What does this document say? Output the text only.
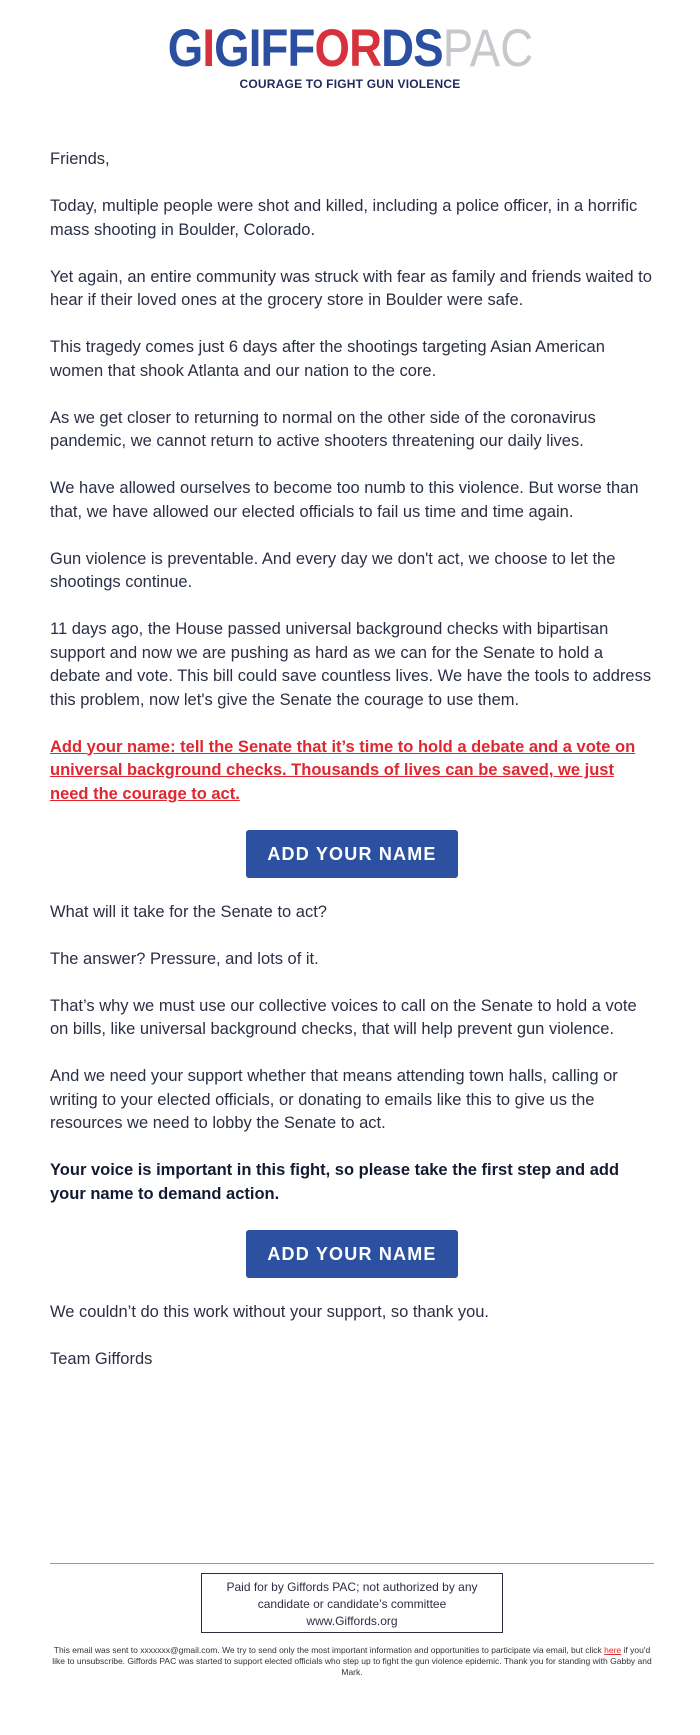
GIGIFFORDSPAC
COURAGE TO FIGHT GUN VIOLENCE

Friends,

Today, multiple people were shot and killed, including a police officer, in a horrific mass shooting in Boulder, Colorado.

Yet again, an entire community was struck with fear as family and friends waited to hear if their loved ones at the grocery store in Boulder were safe.

This tragedy comes just 6 days after the shootings targeting Asian American women that shook Atlanta and our nation to the core.

As we get closer to returning to normal on the other side of the coronavirus pandemic, we cannot return to active shooters threatening our daily lives.

We have allowed ourselves to become too numb to this violence. But worse than that, we have allowed our elected officials to fail us time and time again.

Gun violence is preventable. And every day we don't act, we choose to let the shootings continue.

11 days ago, the House passed universal background checks with bipartisan support and now we are pushing as hard as we can for the Senate to hold a debate and vote. This bill could save countless lives. We have the tools to address this problem, now let's give the Senate the courage to use them.

Add your name: tell the Senate that it’s time to hold a debate and a vote on universal background checks. Thousands of lives can be saved, we just need the courage to act.
ADD YOUR NAME

What will it take for the Senate to act?

The answer? Pressure, and lots of it.

That’s why we must use our collective voices to call on the Senate to hold a vote on bills, like universal background checks, that will help prevent gun violence.

And we need your support whether that means attending town halls, calling or writing to your elected officials, or donating to emails like this to give us the resources we need to lobby the Senate to act.

Your voice is important in this fight, so please take the first step and add your name to demand action.

ADD YOUR NAME

We couldn’t do this work without your support, so thank you.

Team Giffords

Paid for by Giffords PAC; not authorized by any
candidate or candidate’s committee
www.Giffords.org
This email was sent to xxxxxxx@gmail.com. We try to send only the most important information and opportunities to participate via email, but click here if you'd like to unsubscribe. Giffords PAC was started to support elected officials who step up to fight the gun violence epidemic. Thank you for standing with Gabby and Mark.
